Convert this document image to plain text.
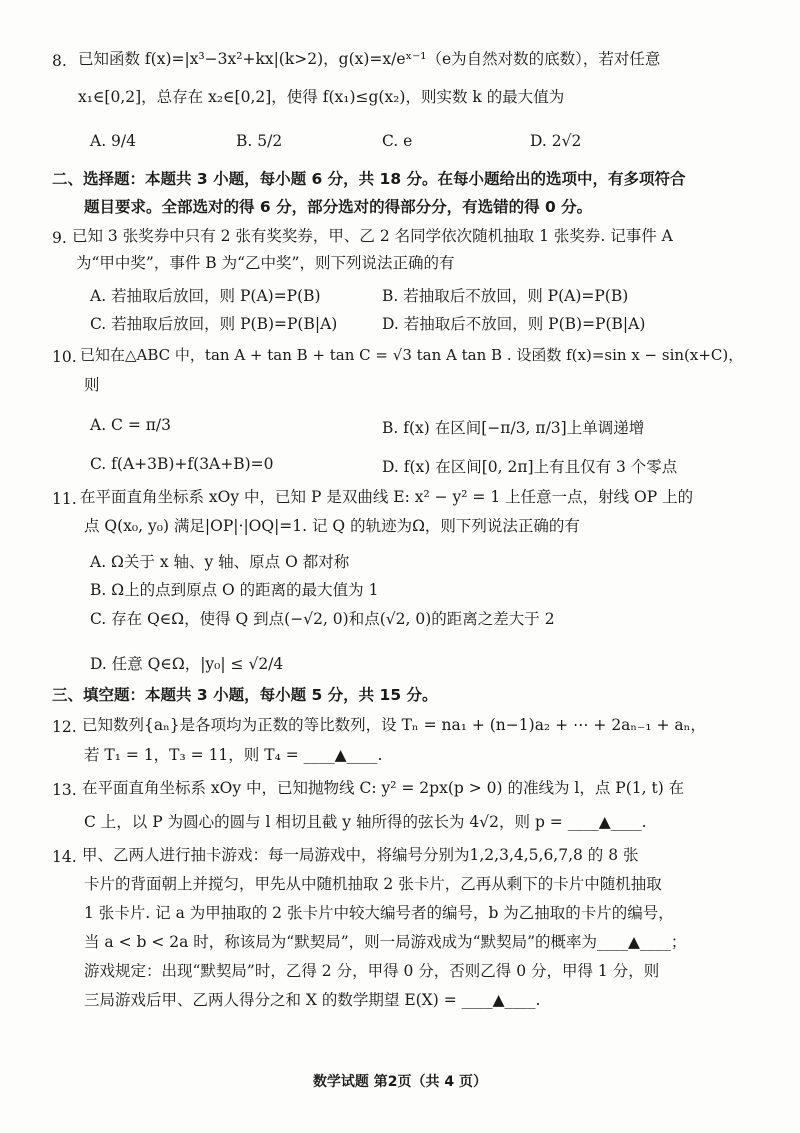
8. 已知函数 f(x)=|x³−3x²+kx|(k>2)，g(x)=x/eˣ⁻¹（e为自然对数的底数），若对任意
x₁∈[0,2]，总存在 x₂∈[0,2]，使得 f(x₁)≤g(x₂)，则实数 k 的最大值为
A. 9/4	B. 5/2	C. e	D. 2√2
二、选择题：本题共 3 小题，每小题 6 分，共 18 分。在每小题给出的选项中，有多项符合
题目要求。全部选对的得 6 分，部分选对的得部分分，有选错的得 0 分。
9. 已知 3 张奖券中只有 2 张有奖奖券，甲、乙 2 名同学依次随机抽取 1 张奖券. 记事件 A
为“甲中奖”，事件 B 为“乙中奖”，则下列说法正确的有
A. 若抽取后放回，则 P(A)=P(B)	B. 若抽取后不放回，则 P(A)=P(B)
C. 若抽取后放回，则 P(B)=P(B|A)	D. 若抽取后不放回，则 P(B)=P(B|A)
10. 已知在△ABC 中，tan A + tan B + tan C = √3 tan A tan B . 设函数 f(x)=sin x − sin(x+C)，
则
A. C = π/3	B. f(x) 在区间[−π/3, π/3]上单调递增
C. f(A+3B)+f(3A+B)=0	D. f(x) 在区间[0, 2π]上有且仅有 3 个零点
11. 在平面直角坐标系 xOy 中，已知 P 是双曲线 E: x² − y² = 1 上任意一点，射线 OP 上的
点 Q(x₀, y₀) 满足|OP|·|OQ|=1. 记 Q 的轨迹为Ω，则下列说法正确的有
A. Ω关于 x 轴、y 轴、原点 O 都对称
B. Ω上的点到原点 O 的距离的最大值为 1
C. 存在 Q∈Ω，使得 Q 到点(−√2, 0)和点(√2, 0)的距离之差大于 2
D. 任意 Q∈Ω，|y₀| ≤ √2/4
三、填空题：本题共 3 小题，每小题 5 分，共 15 分。
12. 已知数列{aₙ}是各项均为正数的等比数列，设 Tₙ = na₁ + (n−1)a₂ + ⋯ + 2aₙ₋₁ + aₙ，
若 T₁ = 1，T₃ = 11，则 T₄ = ____▲____.
13. 在平面直角坐标系 xOy 中，已知抛物线 C: y² = 2px(p > 0) 的准线为 l，点 P(1, t) 在
C 上，以 P 为圆心的圆与 l 相切且截 y 轴所得的弦长为 4√2，则 p = ____▲____.
14. 甲、乙两人进行抽卡游戏：每一局游戏中，将编号分别为1,2,3,4,5,6,7,8 的 8 张
卡片的背面朝上并搅匀，甲先从中随机抽取 2 张卡片，乙再从剩下的卡片中随机抽取
1 张卡片. 记 a 为甲抽取的 2 张卡片中较大编号者的编号，b 为乙抽取的卡片的编号，
当 a < b < 2a 时，称该局为“默契局”，则一局游戏成为“默契局”的概率为____▲____；
游戏规定：出现“默契局”时，乙得 2 分，甲得 0 分，否则乙得 0 分，甲得 1 分，则
三局游戏后甲、乙两人得分之和 X 的数学期望 E(X) = ____▲____.
数学试题 第2页（共 4 页）
